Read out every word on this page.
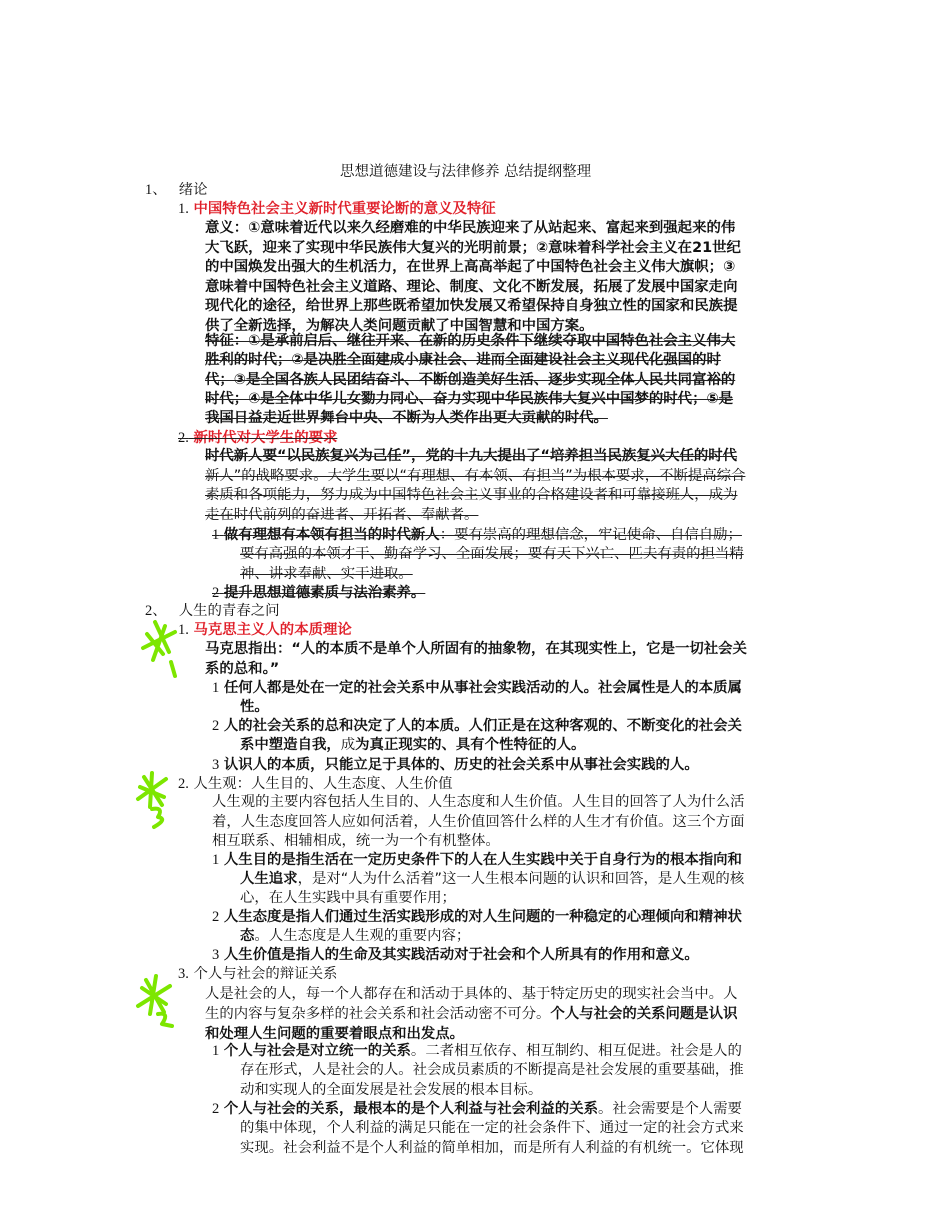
思想道德建设与法律修养 总结提纲整理
1、 绪论
1. 中国特色社会主义新时代重要论断的意义及特征
意义：①意味着近代以来久经磨难的中华民族迎来了从站起来、富起来到强起来的伟
大飞跃，迎来了实现中华民族伟大复兴的光明前景；②意味着科学社会主义在21世纪
的中国焕发出强大的生机活力，在世界上高高举起了中国特色社会主义伟大旗帜；③
意味着中国特色社会主义道路、理论、制度、文化不断发展，拓展了发展中国家走向
现代化的途径，给世界上那些既希望加快发展又希望保持自身独立性的国家和民族提
供了全新选择，为解决人类问题贡献了中国智慧和中国方案。
特征：①是承前启后、继往开来、在新的历史条件下继续夺取中国特色社会主义伟大
胜利的时代；②是决胜全面建成小康社会、进而全面建设社会主义现代化强国的时
代；③是全国各族人民团结奋斗、不断创造美好生活、逐步实现全体人民共同富裕的
时代；④是全体中华儿女勠力同心、奋力实现中华民族伟大复兴中国梦的时代；⑤是
我国日益走近世界舞台中央、不断为人类作出更大贡献的时代。
2. 新时代对大学生的要求
时代新人要“以民族复兴为己任”，党的十九大提出了“培养担当民族复兴大任的时代
新人”的战略要求。大学生要以“有理想、有本领、有担当”为根本要求，不断提高综合
素质和各项能力，努力成为中国特色社会主义事业的合格建设者和可靠接班人，成为
走在时代前列的奋进者、开拓者、奉献者。
1 做有理想有本领有担当的时代新人：要有崇高的理想信念，牢记使命、自信自励；
要有高强的本领才干、勤奋学习、全面发展；要有天下兴亡、匹夫有责的担当精
神、讲求奉献、实干进取。
2 提升思想道德素质与法治素养。
2、 人生的青春之问
1. 马克思主义人的本质理论
马克思指出：“人的本质不是单个人所固有的抽象物，在其现实性上，它是一切社会关
系的总和。”
1 任何人都是处在一定的社会关系中从事社会实践活动的人。社会属性是人的本质属
性。
2 人的社会关系的总和决定了人的本质。人们正是在这种客观的、不断变化的社会关
系中塑造自我，成为真正现实的、具有个性特征的人。
3 认识人的本质，只能立足于具体的、历史的社会关系中从事社会实践的人。
2. 人生观：人生目的、人生态度、人生价值
人生观的主要内容包括人生目的、人生态度和人生价值。人生目的回答了人为什么活
着，人生态度回答人应如何活着，人生价值回答什么样的人生才有价值。这三个方面
相互联系、相辅相成，统一为一个有机整体。
1 人生目的是指生活在一定历史条件下的人在人生实践中关于自身行为的根本指向和
人生追求，是对“人为什么活着”这一人生根本问题的认识和回答，是人生观的核
心，在人生实践中具有重要作用；
2 人生态度是指人们通过生活实践形成的对人生问题的一种稳定的心理倾向和精神状
态。人生态度是人生观的重要内容；
3 人生价值是指人的生命及其实践活动对于社会和个人所具有的作用和意义。
3. 个人与社会的辩证关系
人是社会的人，每一个人都存在和活动于具体的、基于特定历史的现实社会当中。人
生的内容与复杂多样的社会关系和社会活动密不可分。个人与社会的关系问题是认识
和处理人生问题的重要着眼点和出发点。
1 个人与社会是对立统一的关系。二者相互依存、相互制约、相互促进。社会是人的
存在形式，人是社会的人。社会成员素质的不断提高是社会发展的重要基础，推
动和实现人的全面发展是社会发展的根本目标。
2 个人与社会的关系，最根本的是个人利益与社会利益的关系。社会需要是个人需要
的集中体现，个人利益的满足只能在一定的社会条件下、通过一定的社会方式来
实现。社会利益不是个人利益的简单相加，而是所有人利益的有机统一。它体现
